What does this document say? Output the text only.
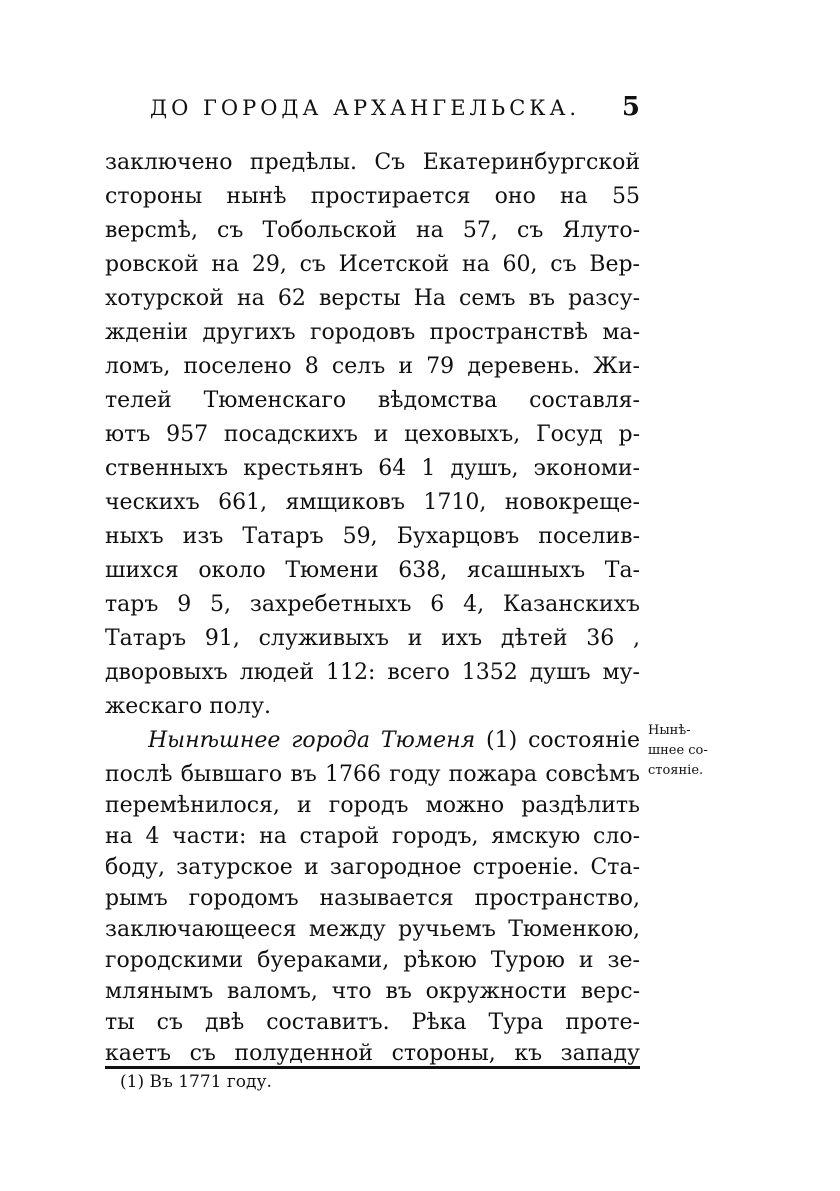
ДО ГОРОДА АРХАНГЕЛЬСКА. 5
заключено предѣлы. Съ Екатеринбургской
стороны нынѣ простирается оно на 55
версmѣ, съ Тобольской на 57, съ Ялуто-
ровской на 29, съ Исетской на 60, съ Вер-
хотурской на 62 версты На семъ въ разсу-
жденіи другихъ городовъ пространствѣ ма-
ломъ, поселено 8 селъ и 79 деревень. Жи-
телей Тюменскаго вѣдомства составля-
ютъ 957 посадскихъ и цеховыхъ, Госуд р-
ственныхъ крестьянъ 64 1 душъ, экономи-
ческихъ 661, ямщиковъ 1710, новокреще-
ныхъ изъ Татаръ 59, Бухарцовъ поселив-
шихся около Тюмени 638, ясашныхъ Та-
таръ 9 5, захребетныхъ 6 4, Казанскихъ
Татаръ 91, служивыхъ и ихъ дѣтей 36 ,
дворовыхъ людей 112: всего 1352 душъ му-
жескаго полу.
Нынѣшнее города Тюменя (1) состояніе
послѣ бывшаго въ 1766 году пожара совсѣмъ
перемѣнилося, и городъ можно раздѣлить
на 4 части: на старой городъ, ямскую сло-
боду, затурское и загородное строеніе. Ста-
рымъ городомъ называется пространство,
заключающееся между ручьемъ Тюменкою,
городскими буераками, рѣкою Турою и зе-
млянымъ валомъ, что въ окружности верс-
ты съ двѣ составитъ. Рѣка Тура проте-
каетъ съ полуденной стороны, къ западу
Нынѣ-
шнее со-
стояніе.
(1) Въ 1771 году.
